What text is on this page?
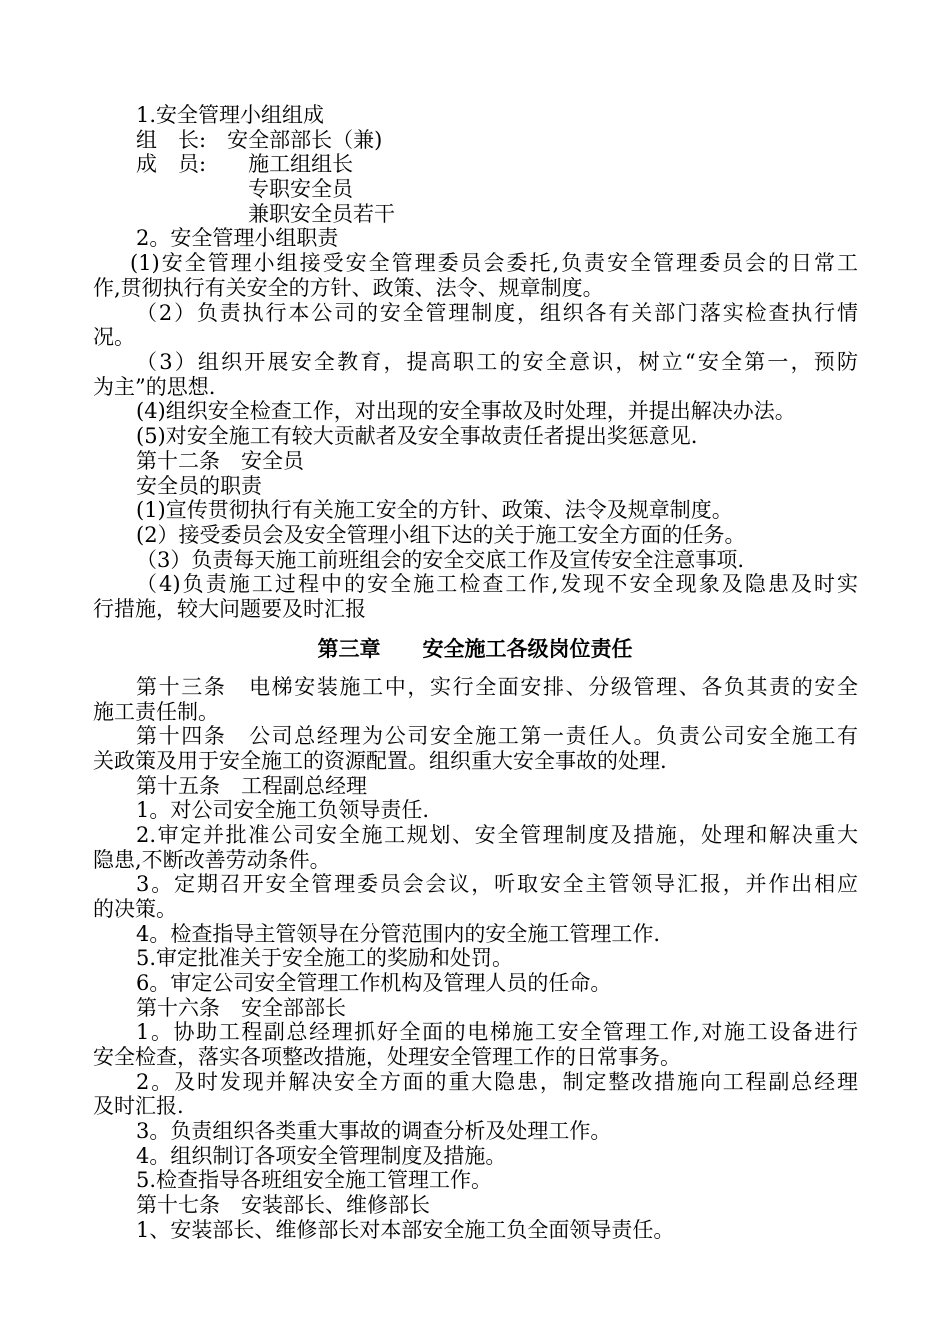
1.安全管理小组组成
组　长:　安全部部长（兼)
成　员:　　施工组组长
专职安全员
兼职安全员若干
2。安全管理小组职责
(1)安全管理小组接受安全管理委员会委托,负责安全管理委员会的日常工
作,贯彻执行有关安全的方针、政策、法令、规章制度。
（2）负责执行本公司的安全管理制度，组织各有关部门落实检查执行情
况。
（3）组织开展安全教育，提高职工的安全意识，树立“安全第一，预防
为主”的思想.
(4)组织安全检查工作，对出现的安全事故及时处理，并提出解决办法。
(5)对安全施工有较大贡献者及安全事故责任者提出奖惩意见.
第十二条　安全员
安全员的职责
(1)宣传贯彻执行有关施工安全的方针、政策、法令及规章制度。
(2）接受委员会及安全管理小组下达的关于施工安全方面的任务。
（3）负责每天施工前班组会的安全交底工作及宣传安全注意事项.
（4)负责施工过程中的安全施工检查工作,发现不安全现象及隐患及时实
行措施，较大问题要及时汇报
第三章　　安全施工各级岗位责任
第十三条　电梯安装施工中，实行全面安排、分级管理、各负其责的安全
施工责任制。
第十四条　公司总经理为公司安全施工第一责任人。负责公司安全施工有
关政策及用于安全施工的资源配置。组织重大安全事故的处理.
第十五条　工程副总经理
1。对公司安全施工负领导责任.
2.审定并批准公司安全施工规划、安全管理制度及措施，处理和解决重大
隐患,不断改善劳动条件。
3。定期召开安全管理委员会会议，听取安全主管领导汇报，并作出相应
的决策。
4。检查指导主管领导在分管范围内的安全施工管理工作.
5.审定批准关于安全施工的奖励和处罚。
6。审定公司安全管理工作机构及管理人员的任命。
第十六条　安全部部长
1。协助工程副总经理抓好全面的电梯施工安全管理工作,对施工设备进行
安全检查，落实各项整改措施，处理安全管理工作的日常事务。
2。及时发现并解决安全方面的重大隐患，制定整改措施向工程副总经理
及时汇报.
3。负责组织各类重大事故的调查分析及处理工作。
4。组织制订各项安全管理制度及措施。
5.检查指导各班组安全施工管理工作。
第十七条　安装部长、维修部长
1、安装部长、维修部长对本部安全施工负全面领导责任。
